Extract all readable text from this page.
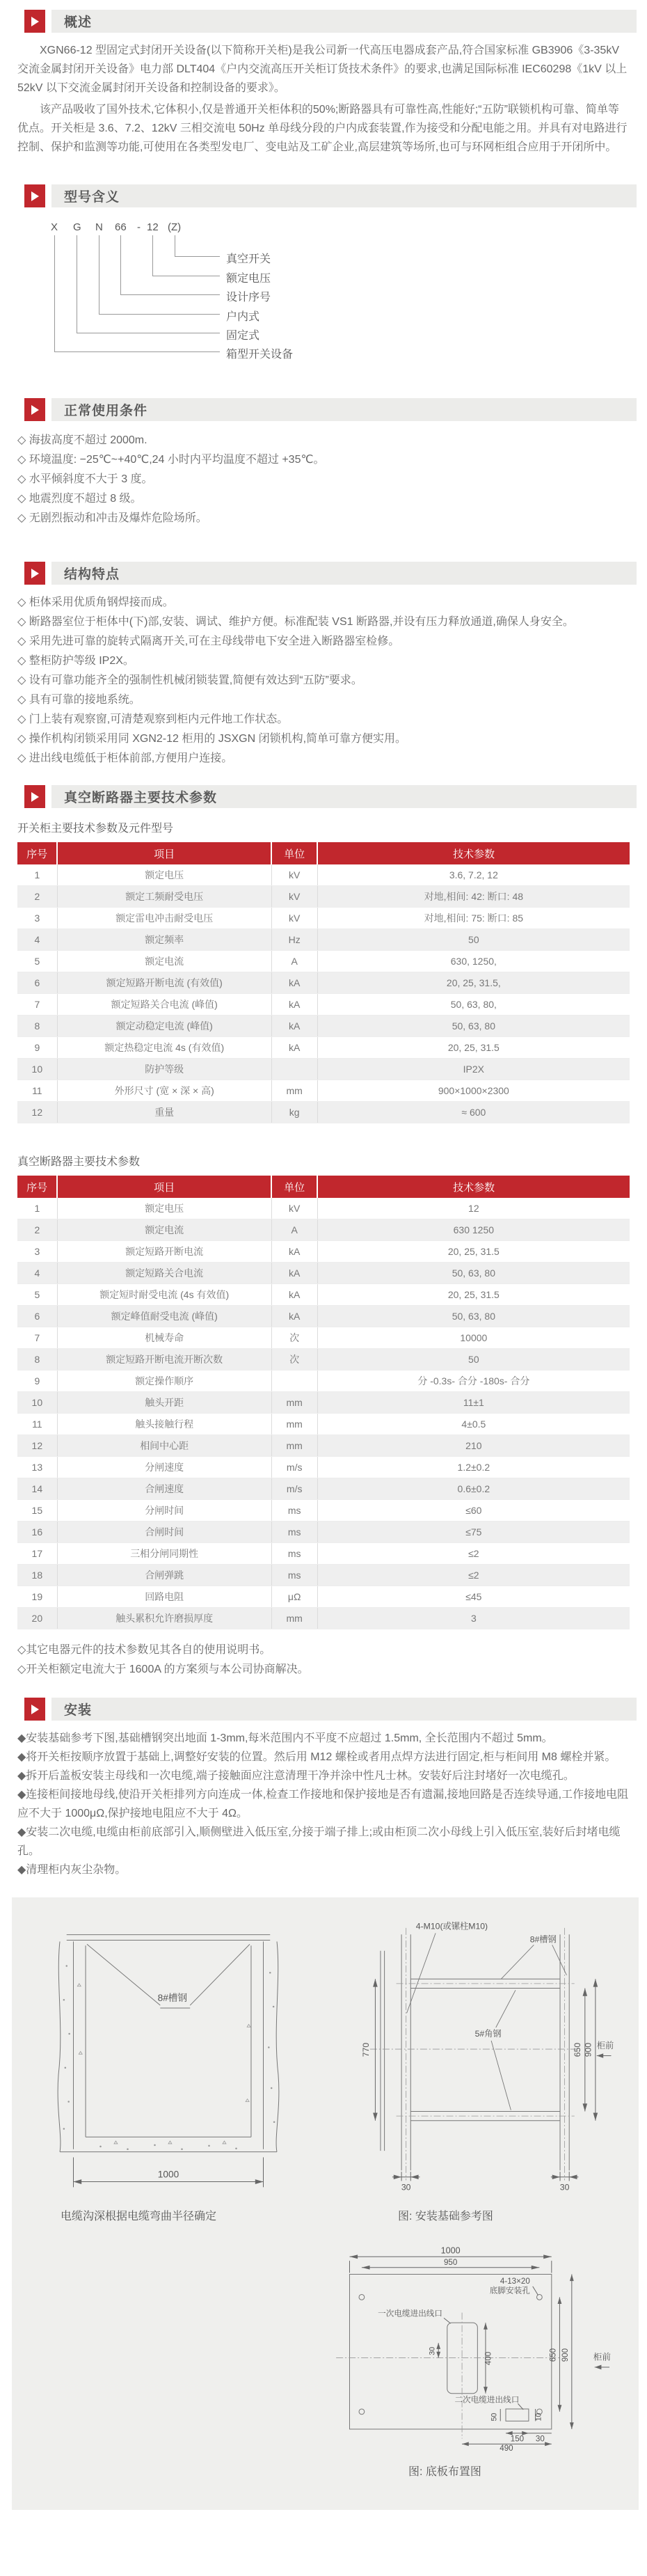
概述

XGN66-12 型固定式封闭开关设备(以下简称开关柜)是我公司新一代高压电器成套产品,符合国家标准 GB3906《3-35kV 交流金属封闭开关设备》电力部 DLT404《户内交流高压开关柜订货技术条件》的要求,也满足国际标准 IEC60298《1kV 以上 52kV 以下交流金属封闭开关设备和控制设备的要求》。

该产品吸收了国外技术,它体积小,仅是普通开关柜体积的50%;断路器具有可靠性高,性能好;“五防”联锁机构可靠、简单等优点。开关柜是 3.6、7.2、12kV 三相交流电 50Hz 单母线分段的户内成套装置,作为接受和分配电能之用。并具有对电路进行控制、保护和监测等功能,可使用在各类型发电厂、变电站及工矿企业,高层建筑等场所,也可与环网柜组合应用于开闭所中。

型号含义
X G N 66 - 12 (Z)
真空开关
额定电压
设计序号
户内式
固定式
箱型开关设备
正常使用条件
◇ 海拔高度不超过 2000m.
◇ 环境温度: −25℃~+40℃,24 小时内平均温度不超过 +35℃。
◇ 水平倾斜度不大于 3 度。
◇ 地震烈度不超过 8 级。
◇ 无剧烈振动和冲击及爆炸危险场所。
结构特点
◇ 柜体采用优质角钢焊接而成。
◇ 断路器室位于柜体中(下)部,安装、调试、维护方便。标准配装 VS1 断路器,并设有压力释放通道,确保人身安全。
◇ 采用先进可靠的旋转式隔离开关,可在主母线带电下安全进入断路器室检修。
◇ 整柜防护等级 IP2X。
◇ 设有可靠功能齐全的强制性机械闭锁装置,简便有效达到“五防”要求。
◇ 具有可靠的接地系统。
◇ 门上装有观察窗,可清楚观察到柜内元件地工作状态。
◇ 操作机构闭锁采用同 XGN2-12 柜用的 JSXGN 闭锁机构,简单可靠方便实用。
◇ 进出线电缆低于柜体前部,方便用户连接。
真空断路器主要技术参数
开关柜主要技术参数及元件型号
序号	项目	单位	技术参数
1	额定电压	kV	3.6, 7.2, 12
2	额定工频耐受电压	kV	对地,相间: 42: 断口: 48
3	额定雷电冲击耐受电压	kV	对地,相间: 75: 断口: 85
4	额定频率	Hz	50
5	额定电流	A	630, 1250,
6	额定短路开断电流 (有效值)	kA	20, 25, 31.5,
7	额定短路关合电流 (峰值)	kA	50, 63, 80,
8	额定动稳定电流 (峰值)	kA	50, 63, 80
9	额定热稳定电流 4s (有效值)	kA	20, 25, 31.5
10	防护等级		IP2X
11	外形尺寸 (宽 × 深 × 高)	mm	900×1000×2300
12	重量	kg	≈ 600
真空断路器主要技术参数
序号	项目	单位	技术参数
1	额定电压	kV	12
2	额定电流	A	630 1250
3	额定短路开断电流	kA	20, 25, 31.5
4	额定短路关合电流	kA	50, 63, 80
5	额定短时耐受电流 (4s 有效值)	kA	20, 25, 31.5
6	额定峰值耐受电流 (峰值)	kA	50, 63, 80
7	机械寿命	次	10000
8	额定短路开断电流开断次数	次	50
9	额定操作顺序		分 -0.3s- 合分 -180s- 合分
10	触头开距	mm	11±1
11	触头接触行程	mm	4±0.5
12	相间中心距	mm	210
13	分闸速度	m/s	1.2±0.2
14	合闸速度	m/s	0.6±0.2
15	分闸时间	ms	≤60
16	合闸时间	ms	≤75
17	三相分闸同期性	ms	≤2
18	合闸弹跳	ms	≤2
19	回路电阻	μΩ	≤45
20	触头累积允许磨损厚度	mm	3
◇其它电器元件的技术参数见其各自的使用说明书。
◇开关柜额定电流大于 1600A 的方案须与本公司协商解决。
安装
◆安装基础参考下图,基础槽钢突出地面 1-3mm,每米范围内不平度不应超过 1.5mm, 全长范围内不超过 5mm。
◆将开关柜按顺序放置于基础上,调整好安装的位置。然后用 M12 螺栓或者用点焊方法进行固定,柜与柜间用 M8 螺栓并紧。
◆拆开后盖板安装主母线和一次电缆,端子接触面应注意清理干净并涂中性凡士林。安装好后注封堵好一次电缆孔。
◆连接柜间接地母线,使沿开关柜排列方向连成一体,检查工作接地和保护接地是否有遗漏,接地回路是否连续导通,工作接地电阻应不大于 1000μΩ,保护接地电阻应不大于 4Ω。
◆安装二次电缆,电缆由柜前底部引入,顺侧壁进入低压室,分接于端子排上;或由柜顶二次小母线上引入低压室,装好后封堵电缆孔。
◆清理柜内灰尘杂物。
8#槽钢
1000
电缆沟深根据电缆弯曲半径确定
4-M10(或镙柱M10)
8#槽钢
5#角钢
770	650 900 柜前
30	30
图: 安装基础参考图
1000
950
4-13×20
底脚安装孔
一次电缆进出线口
30
400	650 900	柜前
二次电缆进出线口
50	10
150 30
490
图: 底板布置图
